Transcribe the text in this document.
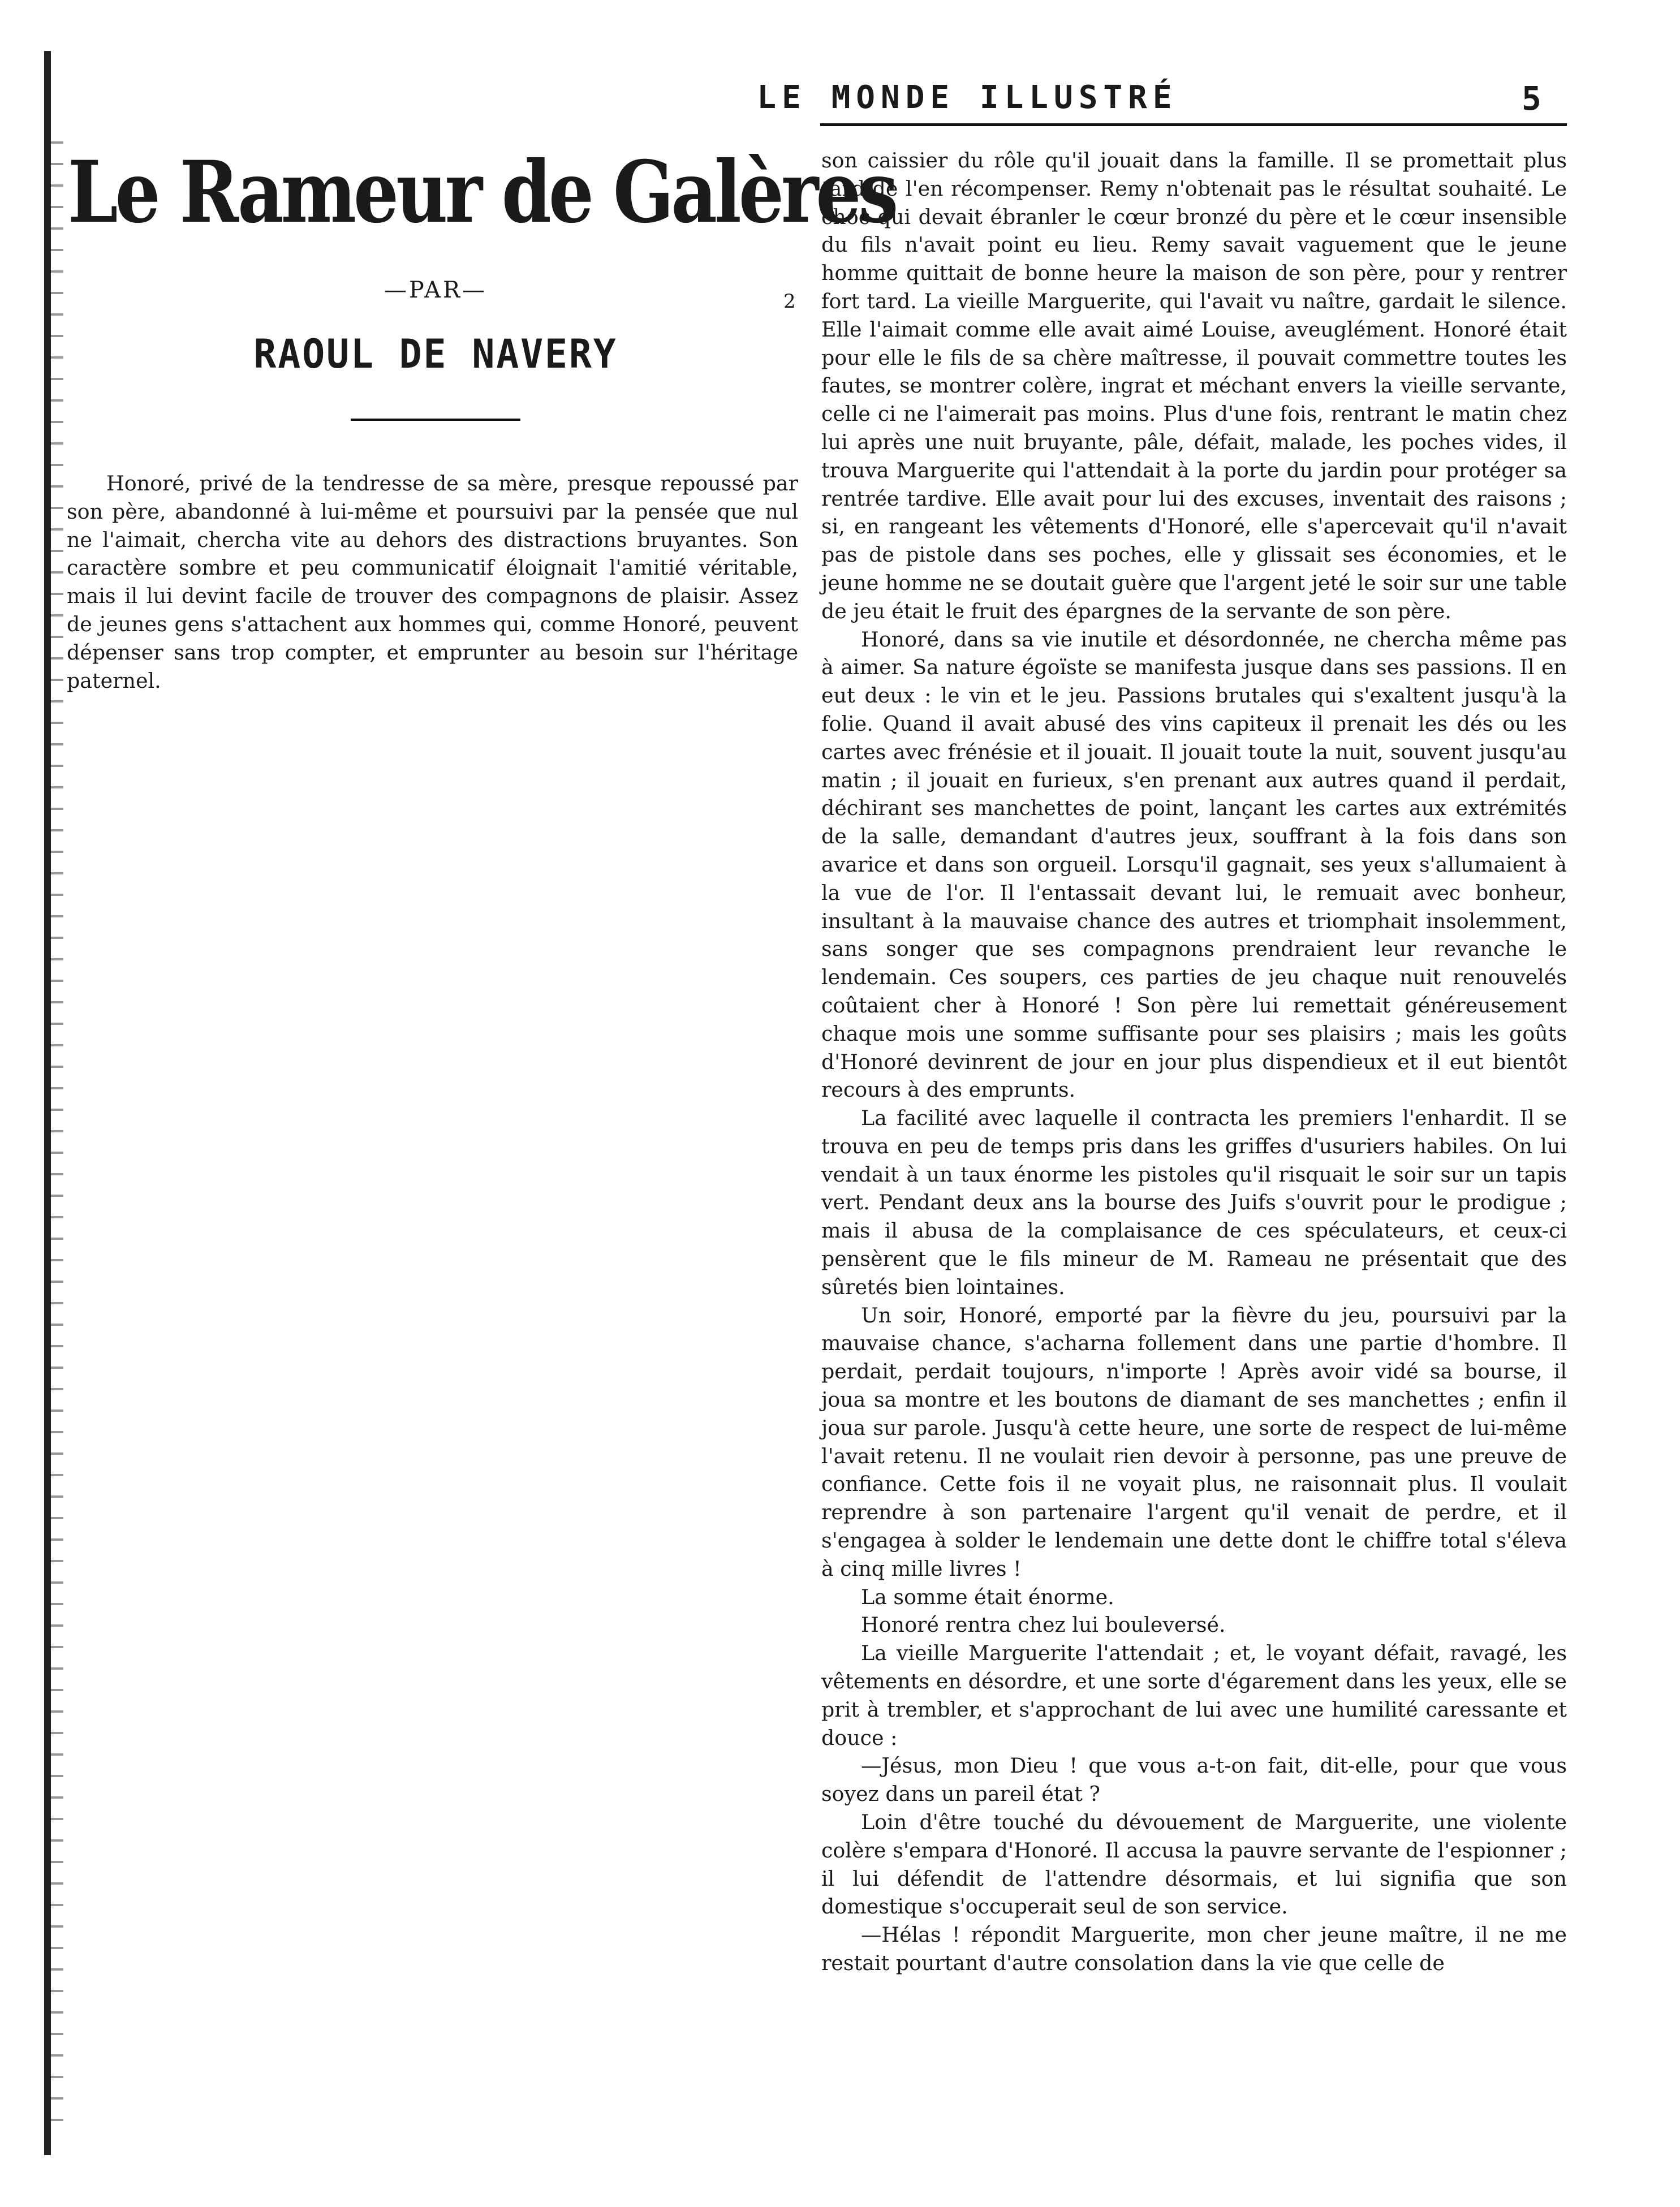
LE MONDE ILLUSTRÉ	5
Le Rameur de Galères
—PAR—	2
RAOUL DE NAVERY

Honoré, privé de la tendresse de sa mère, presque repoussé par son père, abandonné à lui-même et poursuivi par la pensée que nul ne l'aimait, chercha vite au dehors des distractions bruyantes. Son caractère sombre et peu communicatif éloignait l'amitié véritable, mais il lui devint facile de trouver des compagnons de plaisir. Assez de jeunes gens s'attachent aux hommes qui, comme Honoré, peuvent dépenser sans trop compter, et emprunter au besoin sur l'héritage paternel.

son caissier du rôle qu'il jouait dans la famille. Il se promettait plus tard de l'en récompenser. Remy n'obtenait pas le résultat souhaité. Le choc qui devait ébranler le cœur bronzé du père et le cœur insensible du fils n'avait point eu lieu. Remy savait vaguement que le jeune homme quittait de bonne heure la maison de son père, pour y rentrer fort tard. La vieille Marguerite, qui l'avait vu naître, gardait le silence. Elle l'aimait comme elle avait aimé Louise, aveuglément. Honoré était pour elle le fils de sa chère maîtresse, il pouvait commettre toutes les fautes, se montrer colère, ingrat et méchant envers la vieille servante, celle ci ne l'aimerait pas moins. Plus d'une fois, rentrant le matin chez lui après une nuit bruyante, pâle, défait, malade, les poches vides, il trouva Marguerite qui l'attendait à la porte du jardin pour protéger sa rentrée tardive. Elle avait pour lui des excuses, inventait des raisons ; si, en rangeant les vêtements d'Honoré, elle s'apercevait qu'il n'avait pas de pistole dans ses poches, elle y glissait ses économies, et le jeune homme ne se doutait guère que l'argent jeté le soir sur une table de jeu était le fruit des épargnes de la servante de son père.

Honoré, dans sa vie inutile et désordonnée, ne chercha même pas à aimer. Sa nature égoïste se manifesta jusque dans ses passions. Il en eut deux : le vin et le jeu. Passions brutales qui s'exaltent jusqu'à la folie. Quand il avait abusé des vins capiteux il prenait les dés ou les cartes avec frénésie et il jouait. Il jouait toute la nuit, souvent jusqu'au matin ; il jouait en furieux, s'en prenant aux autres quand il perdait, déchirant ses manchettes de point, lançant les cartes aux extrémités de la salle, demandant d'autres jeux, souffrant à la fois dans son avarice et dans son orgueil. Lorsqu'il gagnait, ses yeux s'allumaient à la vue de l'or. Il l'entassait devant lui, le remuait avec bonheur, insultant à la mauvaise chance des autres et triomphait insolemment, sans songer que ses compagnons prendraient leur revanche le lendemain. Ces soupers, ces parties de jeu chaque nuit renouvelés coûtaient cher à Honoré ! Son père lui remettait généreusement chaque mois une somme suffisante pour ses plaisirs ; mais les goûts d'Honoré devinrent de jour en jour plus dispendieux et il eut bientôt recours à des emprunts.

La facilité avec laquelle il contracta les premiers l'enhardit. Il se trouva en peu de temps pris dans les griffes d'usuriers habiles. On lui vendait à un taux énorme les pistoles qu'il risquait le soir sur un tapis vert. Pendant deux ans la bourse des Juifs s'ouvrit pour le prodigue ; mais il abusa de la complaisance de ces spéculateurs, et ceux-ci pensèrent que le fils mineur de M. Rameau ne présentait que des sûretés bien lointaines.

Un soir, Honoré, emporté par la fièvre du jeu, poursuivi par la mauvaise chance, s'acharna follement dans une partie d'hombre. Il perdait, perdait toujours, n'importe ! Après avoir vidé sa bourse, il joua sa montre et les boutons de diamant de ses manchettes ; enfin il joua sur parole. Jusqu'à cette heure, une sorte de respect de lui-même l'avait retenu. Il ne voulait rien devoir à personne, pas une preuve de confiance. Cette fois il ne voyait plus, ne raisonnait plus. Il voulait reprendre à son partenaire l'argent qu'il venait de perdre, et il s'engagea à solder le lendemain une dette dont le chiffre total s'éleva à cinq mille livres !

La somme était énorme.

Honoré rentra chez lui bouleversé.

La vieille Marguerite l'attendait ; et, le voyant défait, ravagé, les vêtements en désordre, et une sorte d'égarement dans les yeux, elle se prit à trembler, et s'approchant de lui avec une humilité caressante et douce :

—Jésus, mon Dieu ! que vous a-t-on fait, dit-elle, pour que vous soyez dans un pareil état ?

Loin d'être touché du dévouement de Marguerite, une violente colère s'empara d'Honoré. Il accusa la pauvre servante de l'espionner ; il lui défendit de l'attendre désormais, et lui signifia que son domestique s'occuperait seul de son service.

—Hélas ! répondit Marguerite, mon cher jeune maître, il ne me restait pourtant d'autre consolation dans la vie que celle de
